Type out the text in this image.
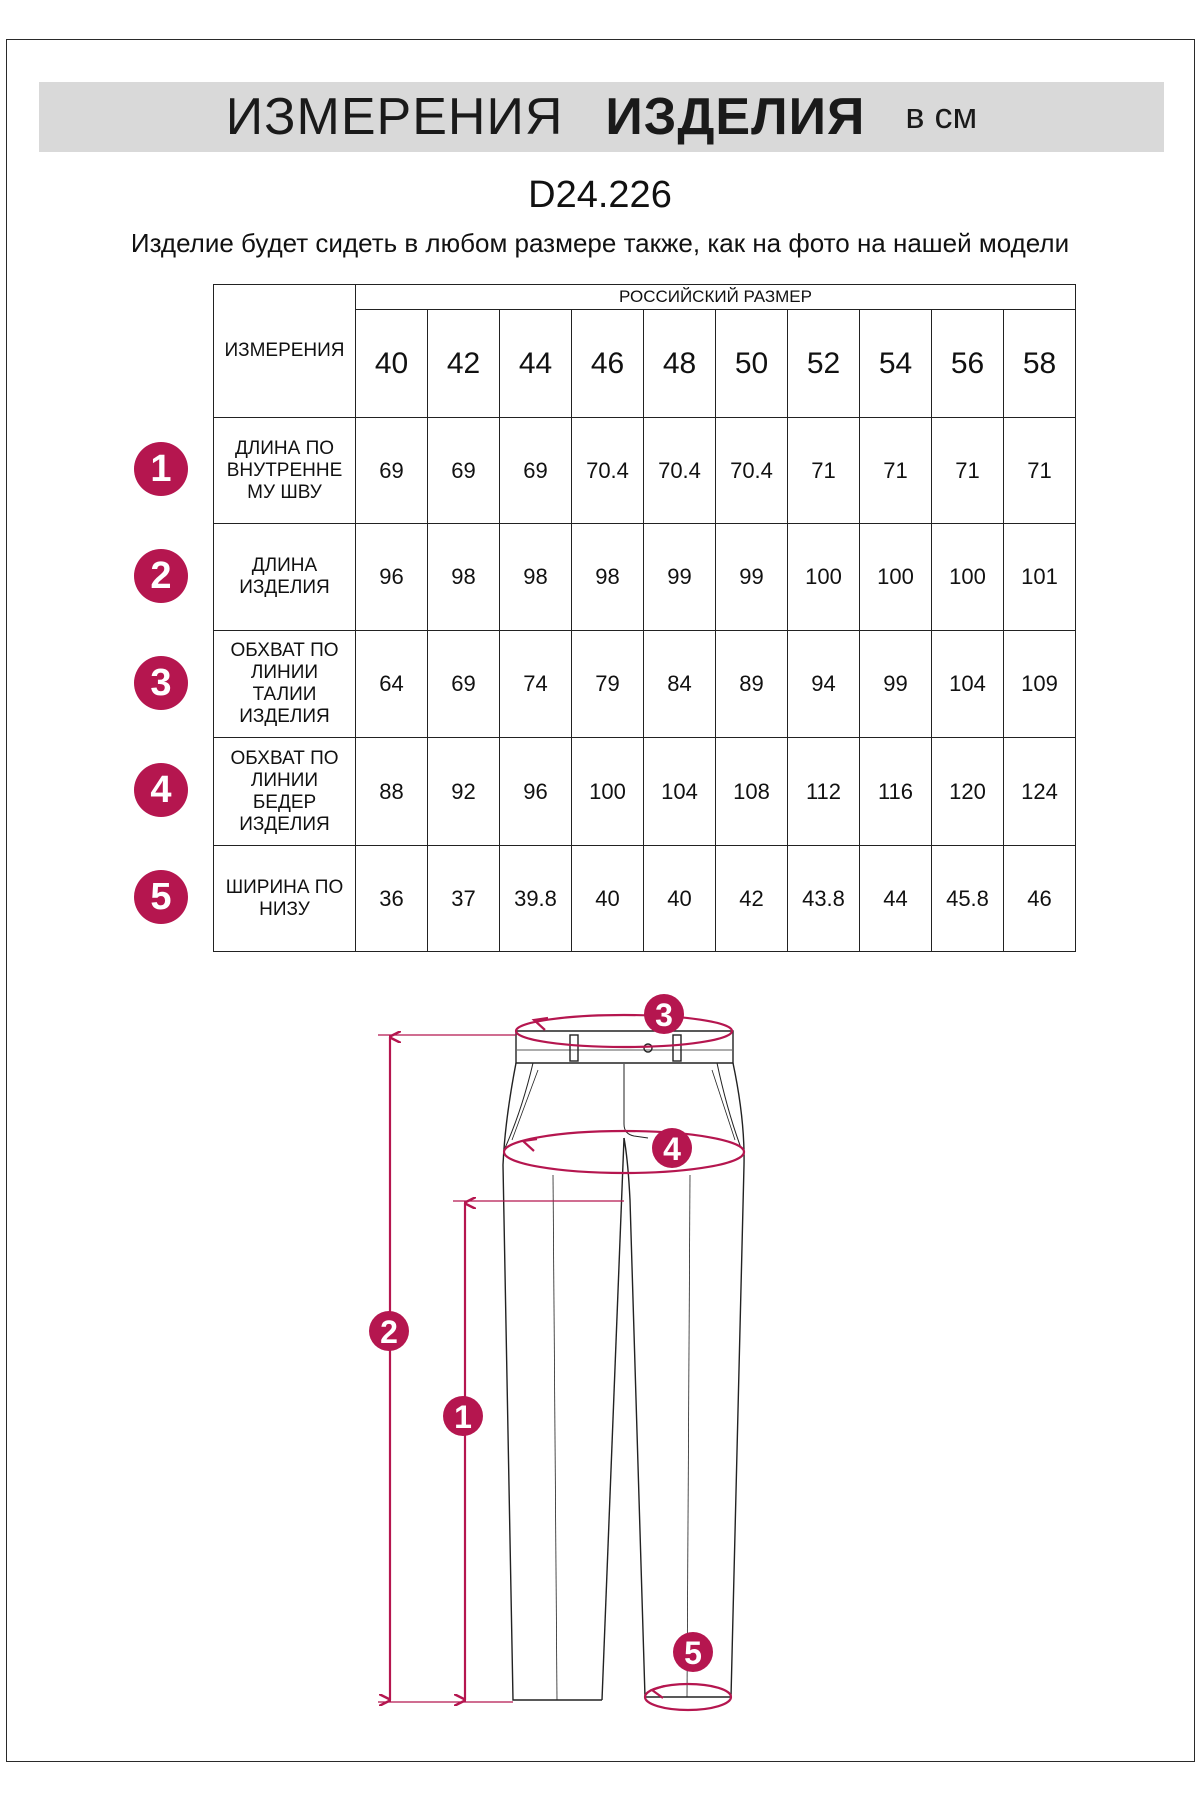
ИЗМЕРЕНИЯ ИЗДЕЛИЯ в см
D24.226
Изделие будет сидеть в любом размере также, как на фото на нашей модели
1
2
3
4
5
ИЗМЕРЕНИЯ	РОССИЙСКИЙ РАЗМЕР									
	40	42	44	46	48	50	52	54	56	58

ДЛИНА ПО
ВНУТРЕННЕ
МУ ШВУ	69	69	69	70.4	70.4	70.4	71	71	71	71

ДЛИНА
ИЗДЕЛИЯ	96	98	98	98	99	99	100	100	100	101

ОБХВАТ ПО
ЛИНИИ
ТАЛИИ
ИЗДЕЛИЯ	64	69	74	79	84	89	94	99	104	109

ОБХВАТ ПО
ЛИНИИ
БЕДЕР
ИЗДЕЛИЯ	88	92	96	100	104	108	112	116	120	124

ШИРИНА ПО
НИЗУ	36	37	39.8	40	40	42	43.8	44	45.8	46
3
4
2
1
5
